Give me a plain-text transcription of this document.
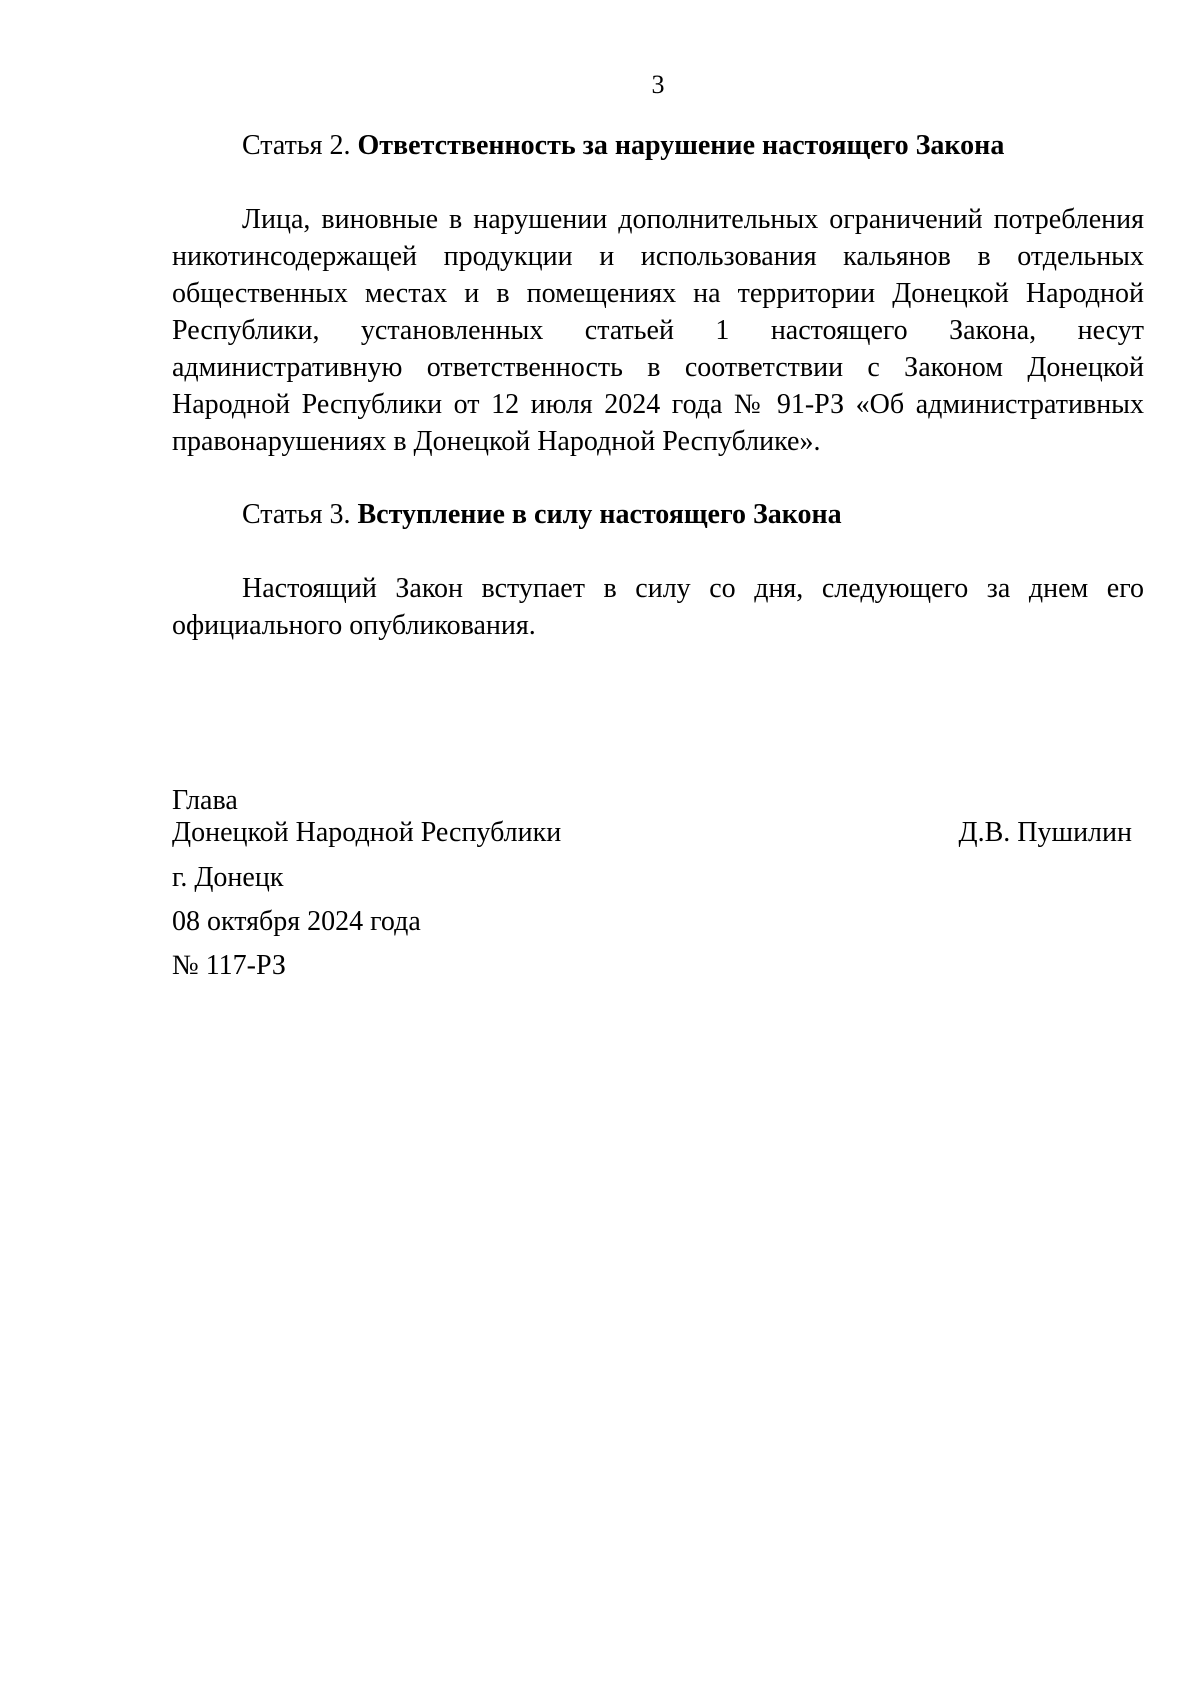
3
Статья 2. Ответственность за нарушение настоящего Закона
Лица, виновные в нарушении дополнительных ограничений потребления
никотинсодержащей продукции и использования кальянов в отдельных
общественных местах и в помещениях на территории Донецкой Народной
Республики, установленных статьей 1 настоящего Закона, несут
административную ответственность в соответствии с Законом Донецкой
Народной Республики от 12 июля 2024 года № 91-РЗ «Об административных
правонарушениях в Донецкой Народной Республике».
Статья 3. Вступление в силу настоящего Закона
Настоящий Закон вступает в силу со дня, следующего за днем его
официального опубликования.
Глава
Донецкой Народной Республики	Д.В. Пушилин
г. Донецк
08 октября 2024 года
№ 117-РЗ
